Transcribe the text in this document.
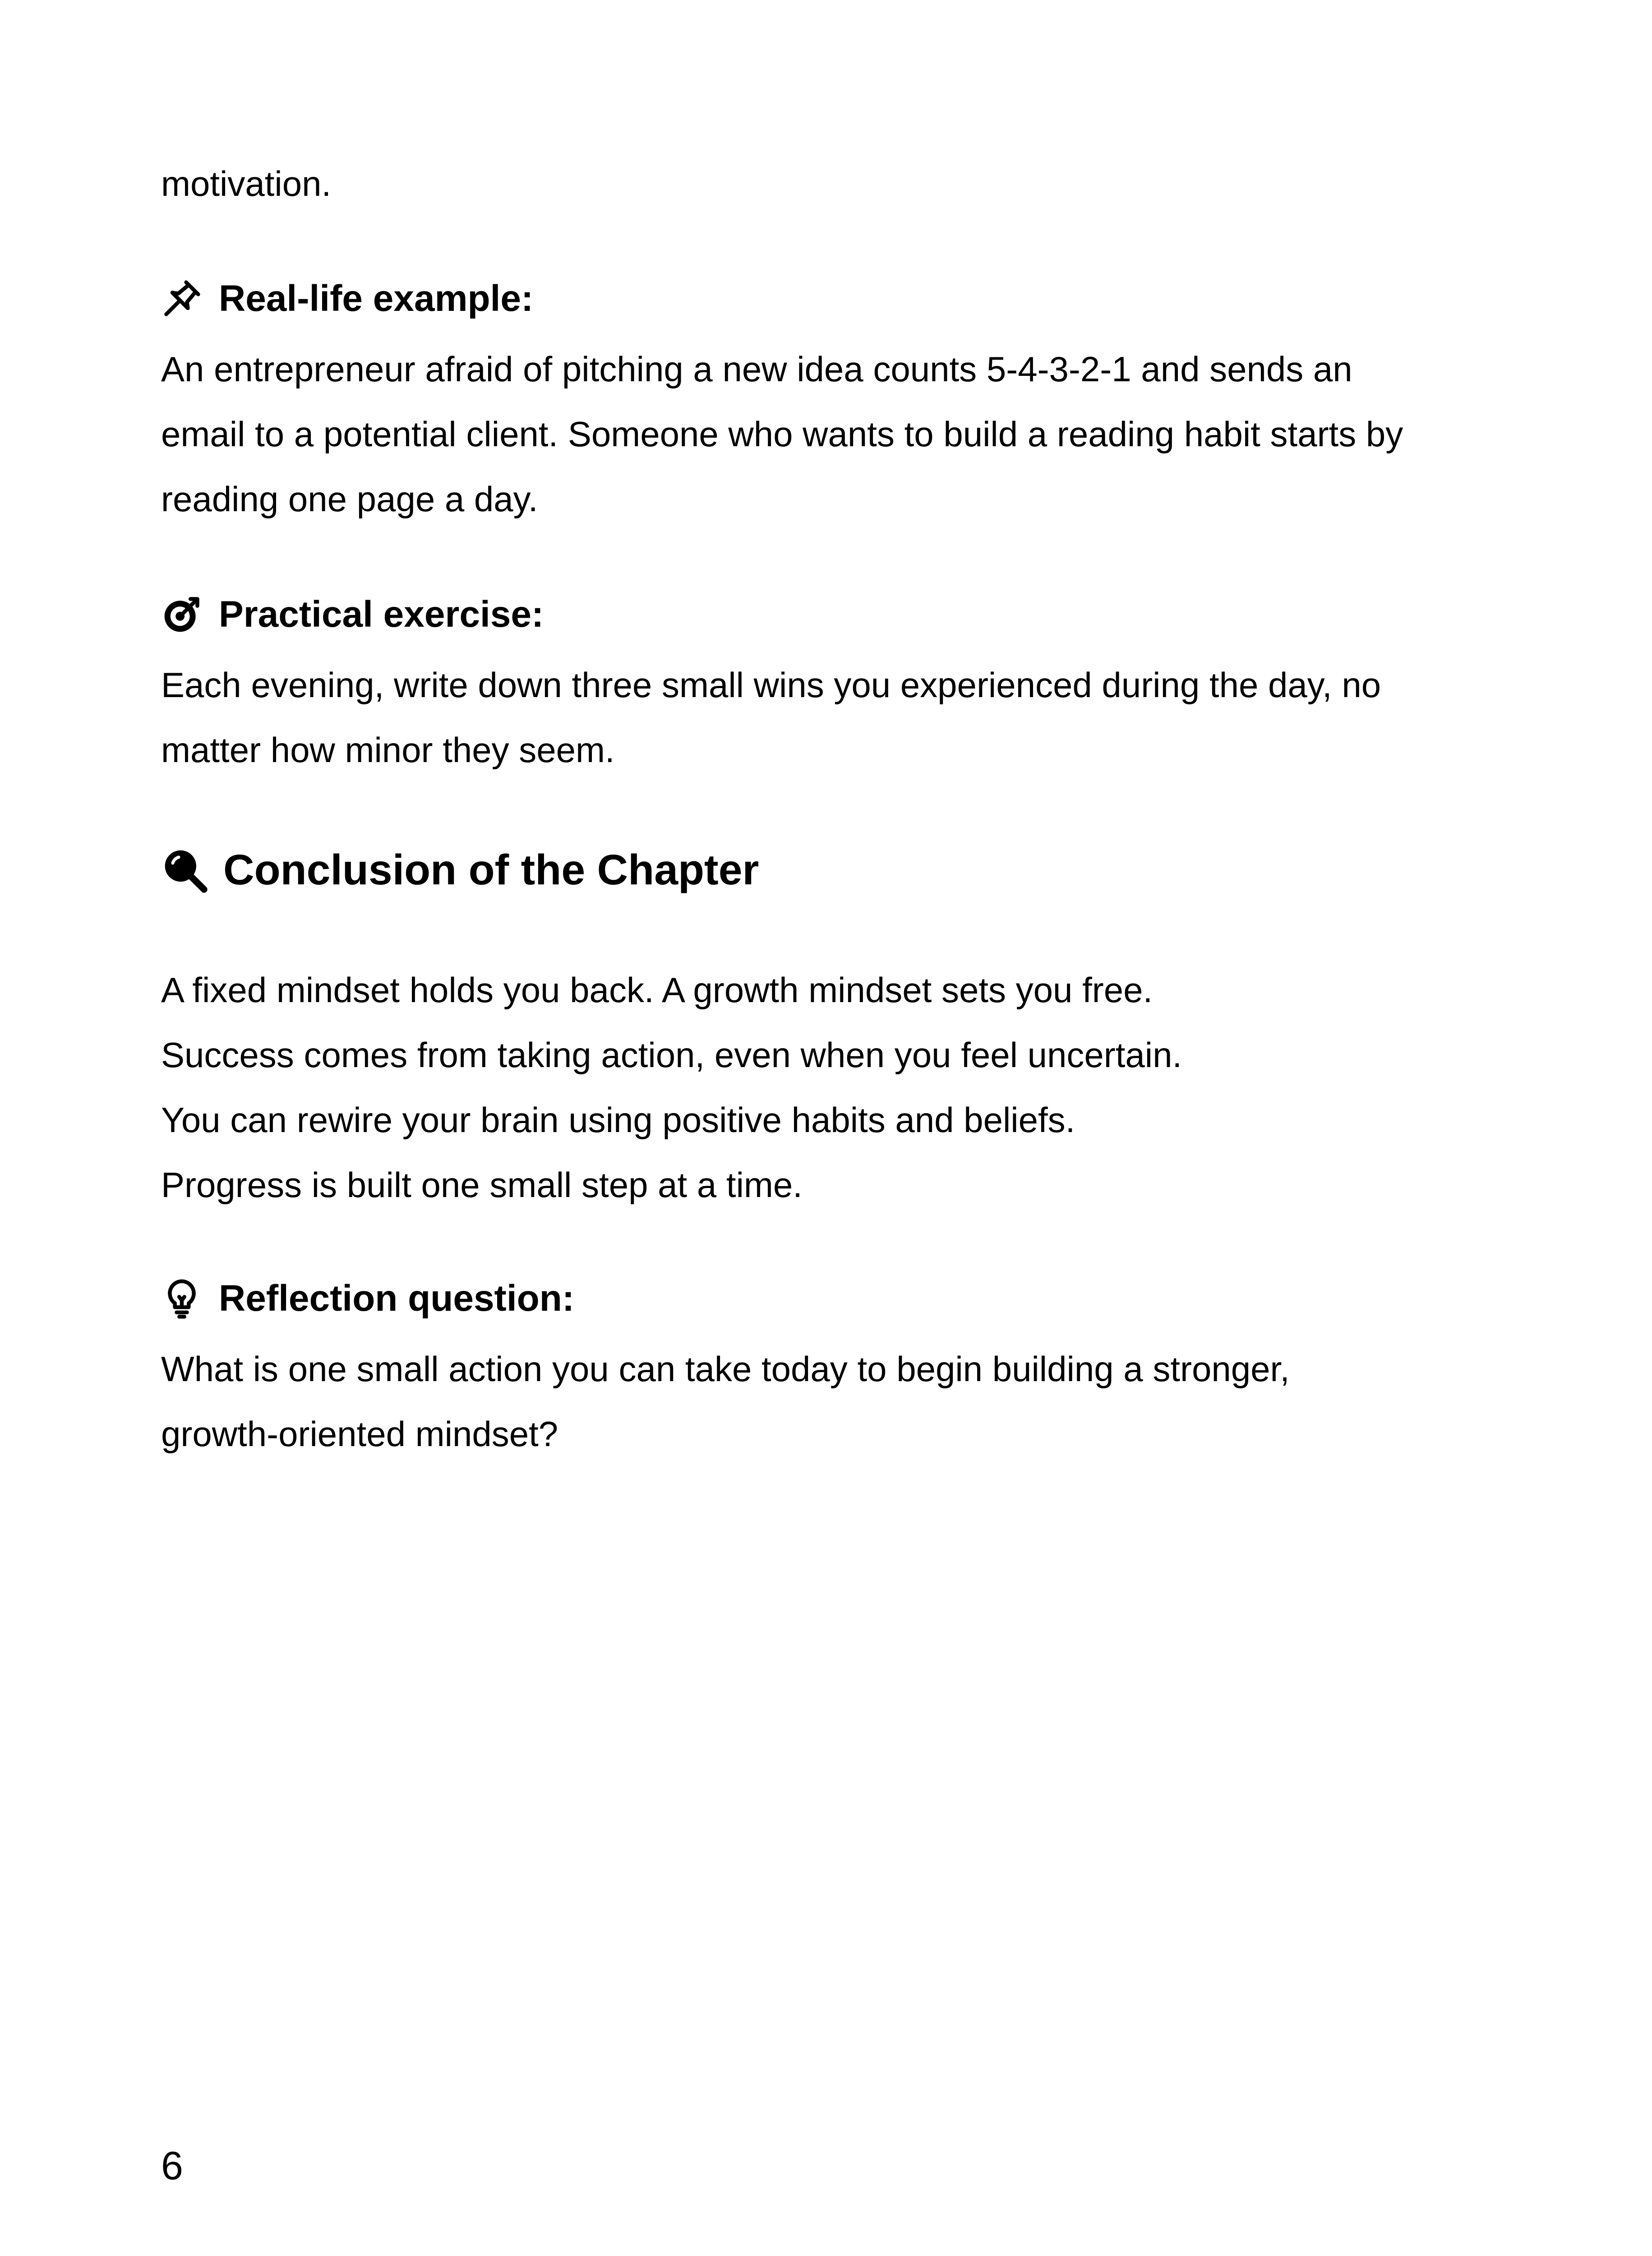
motivation.

Real-life example:

An entrepreneur afraid of pitching a new idea counts 5-4-3-2-1 and sends an

email to a potential client. Someone who wants to build a reading habit starts by

reading one page a day.

Practical exercise:

Each evening, write down three small wins you experienced during the day, no

matter how minor they seem.

Conclusion of the Chapter

A fixed mindset holds you back. A growth mindset sets you free.

Success comes from taking action, even when you feel uncertain.

You can rewire your brain using positive habits and beliefs.

Progress is built one small step at a time.

Reflection question:

What is one small action you can take today to begin building a stronger,

growth-oriented mindset?

6
